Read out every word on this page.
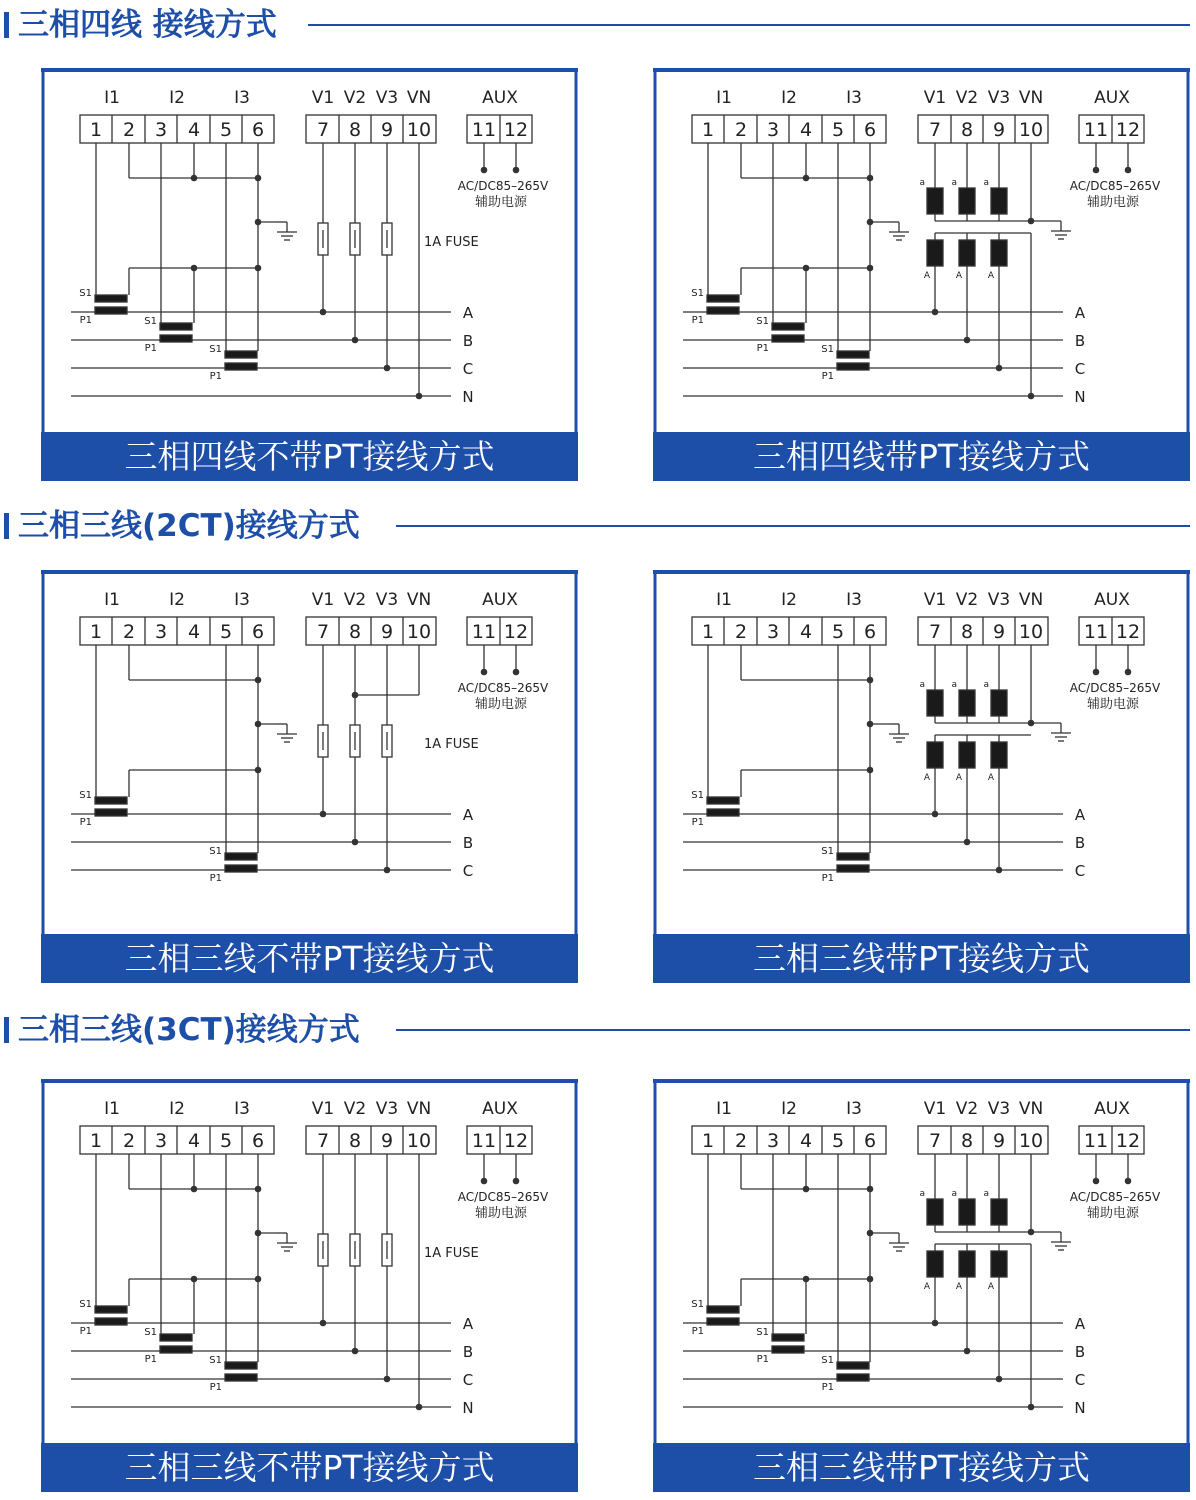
三相四线 接线方式
三相三线(2CT)接线方式
三相三线(3CT)接线方式
I1	I2	I3	V1 V2 V3 VN	AUX
1 2 3 4 5 6	7 8 9 10 11 12
AC/DC85–265V
辅助电源
A
B
C
N
S1
P1	S1
P1	S1
P1
1A FUSE
三相四线不带PT接线方式
I1	I2	I3	V1 V2 V3 VN	AUX
1 2 3 4 5 6	7 8 9 10 11 12
AC/DC85–265V
辅助电源
A
B
C
N
S1
P1	S1
P1	S1
P1
a
A
a
A
a
A
三相四线带PT接线方式
I1	I2	I3	V1 V2 V3 VN	AUX
1 2 3 4 5 6	7 8 9 10 11 12
AC/DC85–265V
辅助电源
A
B
C
S1
P1
S1
P1
1A FUSE
三相三线不带PT接线方式
I1	I2	I3	V1 V2 V3 VN	AUX
1 2 3 4 5 6	7 8 9 10 11 12
AC/DC85–265V
辅助电源
A
B
C
S1
P1
S1
P1
a
A
a
A
a
A
三相三线带PT接线方式
I1	I2	I3	V1 V2 V3 VN	AUX
1 2 3 4 5 6	7 8 9 10 11 12
AC/DC85–265V
辅助电源
A
B
C
N
S1
P1	S1
P1	S1
P1
1A FUSE
三相三线不带PT接线方式
I1	I2	I3	V1 V2 V3 VN	AUX
1 2 3 4 5 6	7 8 9 10 11 12
AC/DC85–265V
辅助电源
A
B
C
N
S1
P1	S1
P1	S1
P1
a
A
a
A
a
A
三相三线带PT接线方式
